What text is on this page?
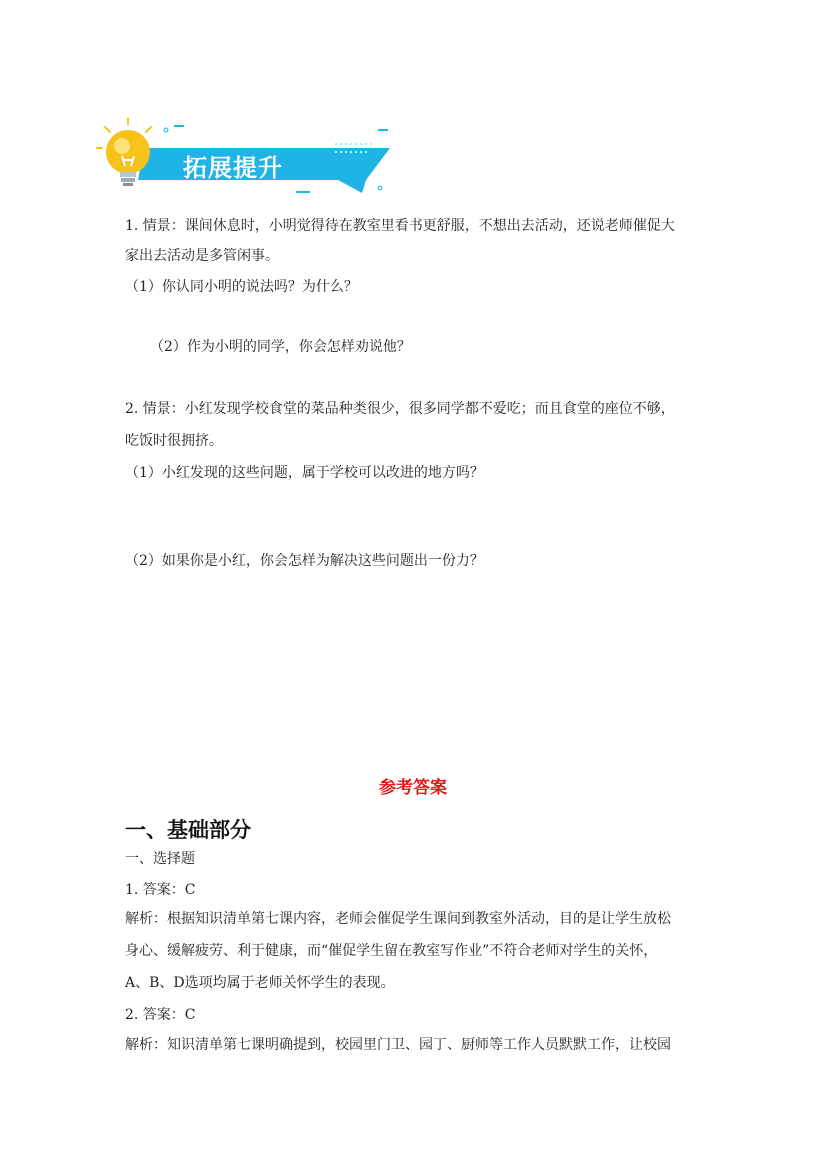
拓展提升
1. 情景：课间休息时，小明觉得待在教室里看书更舒服，不想出去活动，还说老师催促大
家出去活动是多管闲事。
（1）你认同小明的说法吗？为什么？
（2）作为小明的同学，你会怎样劝说他？
2. 情景：小红发现学校食堂的菜品种类很少，很多同学都不爱吃；而且食堂的座位不够，
吃饭时很拥挤。
（1）小红发现的这些问题，属于学校可以改进的地方吗？
（2）如果你是小红，你会怎样为解决这些问题出一份力？
参考答案
一、基础部分
一、选择题
1. 答案：C
解析：根据知识清单第七课内容，老师会催促学生课间到教室外活动，目的是让学生放松
身心、缓解疲劳、利于健康，而“催促学生留在教室写作业”不符合老师对学生的关怀，
A、B、D选项均属于老师关怀学生的表现。
2. 答案：C
解析：知识清单第七课明确提到，校园里门卫、园丁、厨师等工作人员默默工作，让校园
